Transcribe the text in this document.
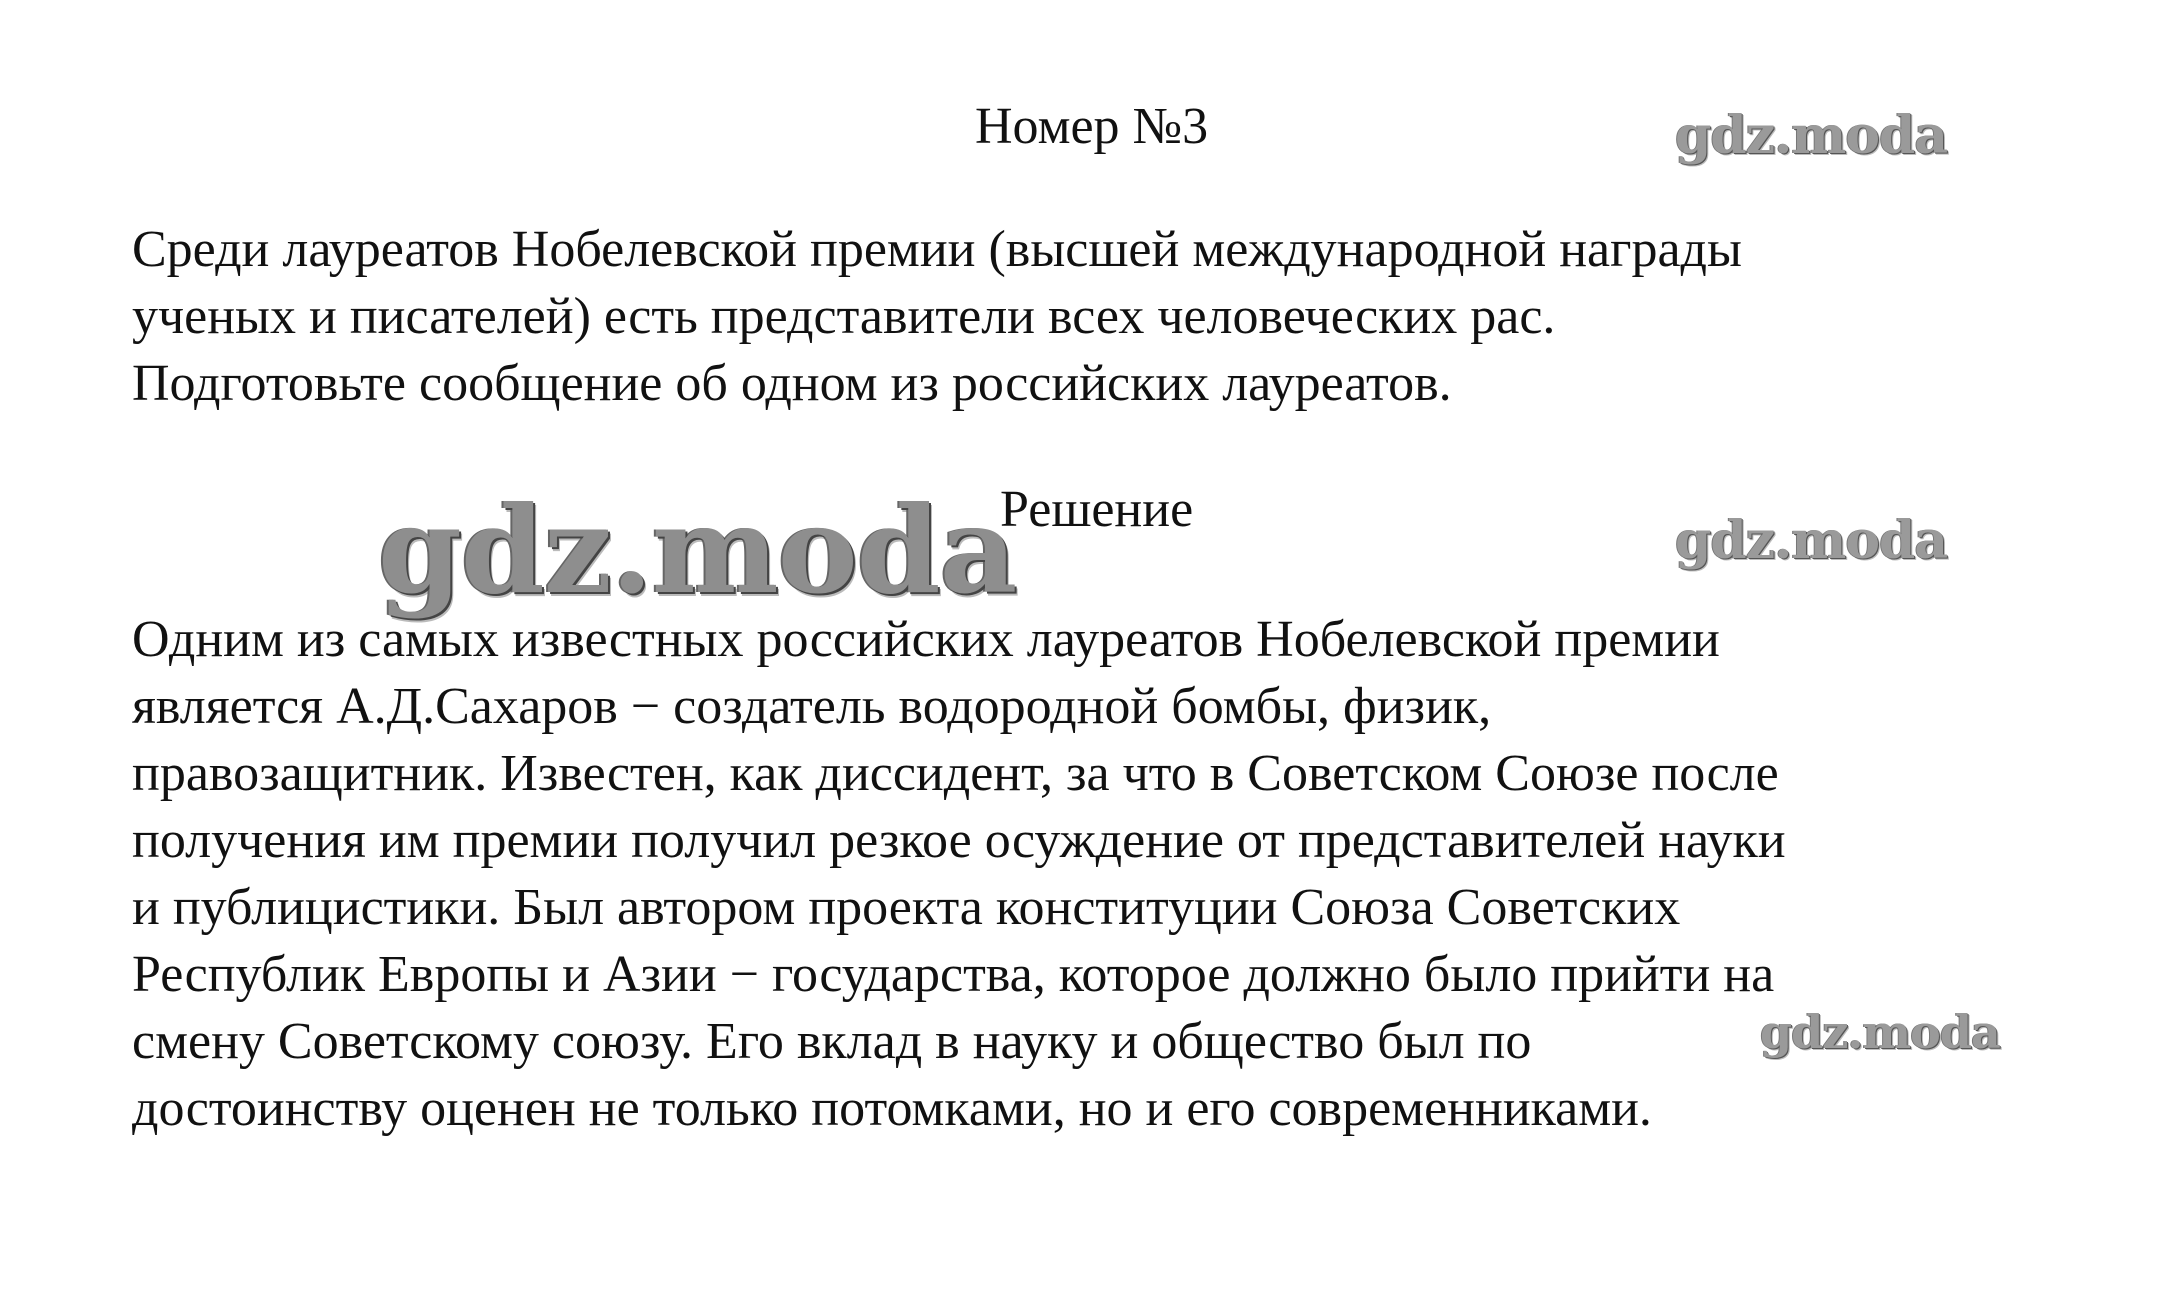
Номер №3	gdz.moda
Среди лауреатов Нобелевской премии (высшей международной награды
ученых и писателей) есть представители всех человеческих рас.
Подготовьте сообщение об одном из российских лауреатов.
gdz.moda
Решение
gdz.moda
Одним из самых известных российских лауреатов Нобелевской премии
является А.Д.Сахаров − создатель водородной бомбы, физик,
правозащитник. Известен, как диссидент, за что в Советском Союзе после
получения им премии получил резкое осуждение от представителей науки
и публицистики. Был автором проекта конституции Союза Советских
Республик Европы и Азии − государства, которое должно было прийти на
смену Советскому союзу. Его вклад в науку и общество был по
достоинству оценен не только потомками, но и его современниками.
gdz.moda
